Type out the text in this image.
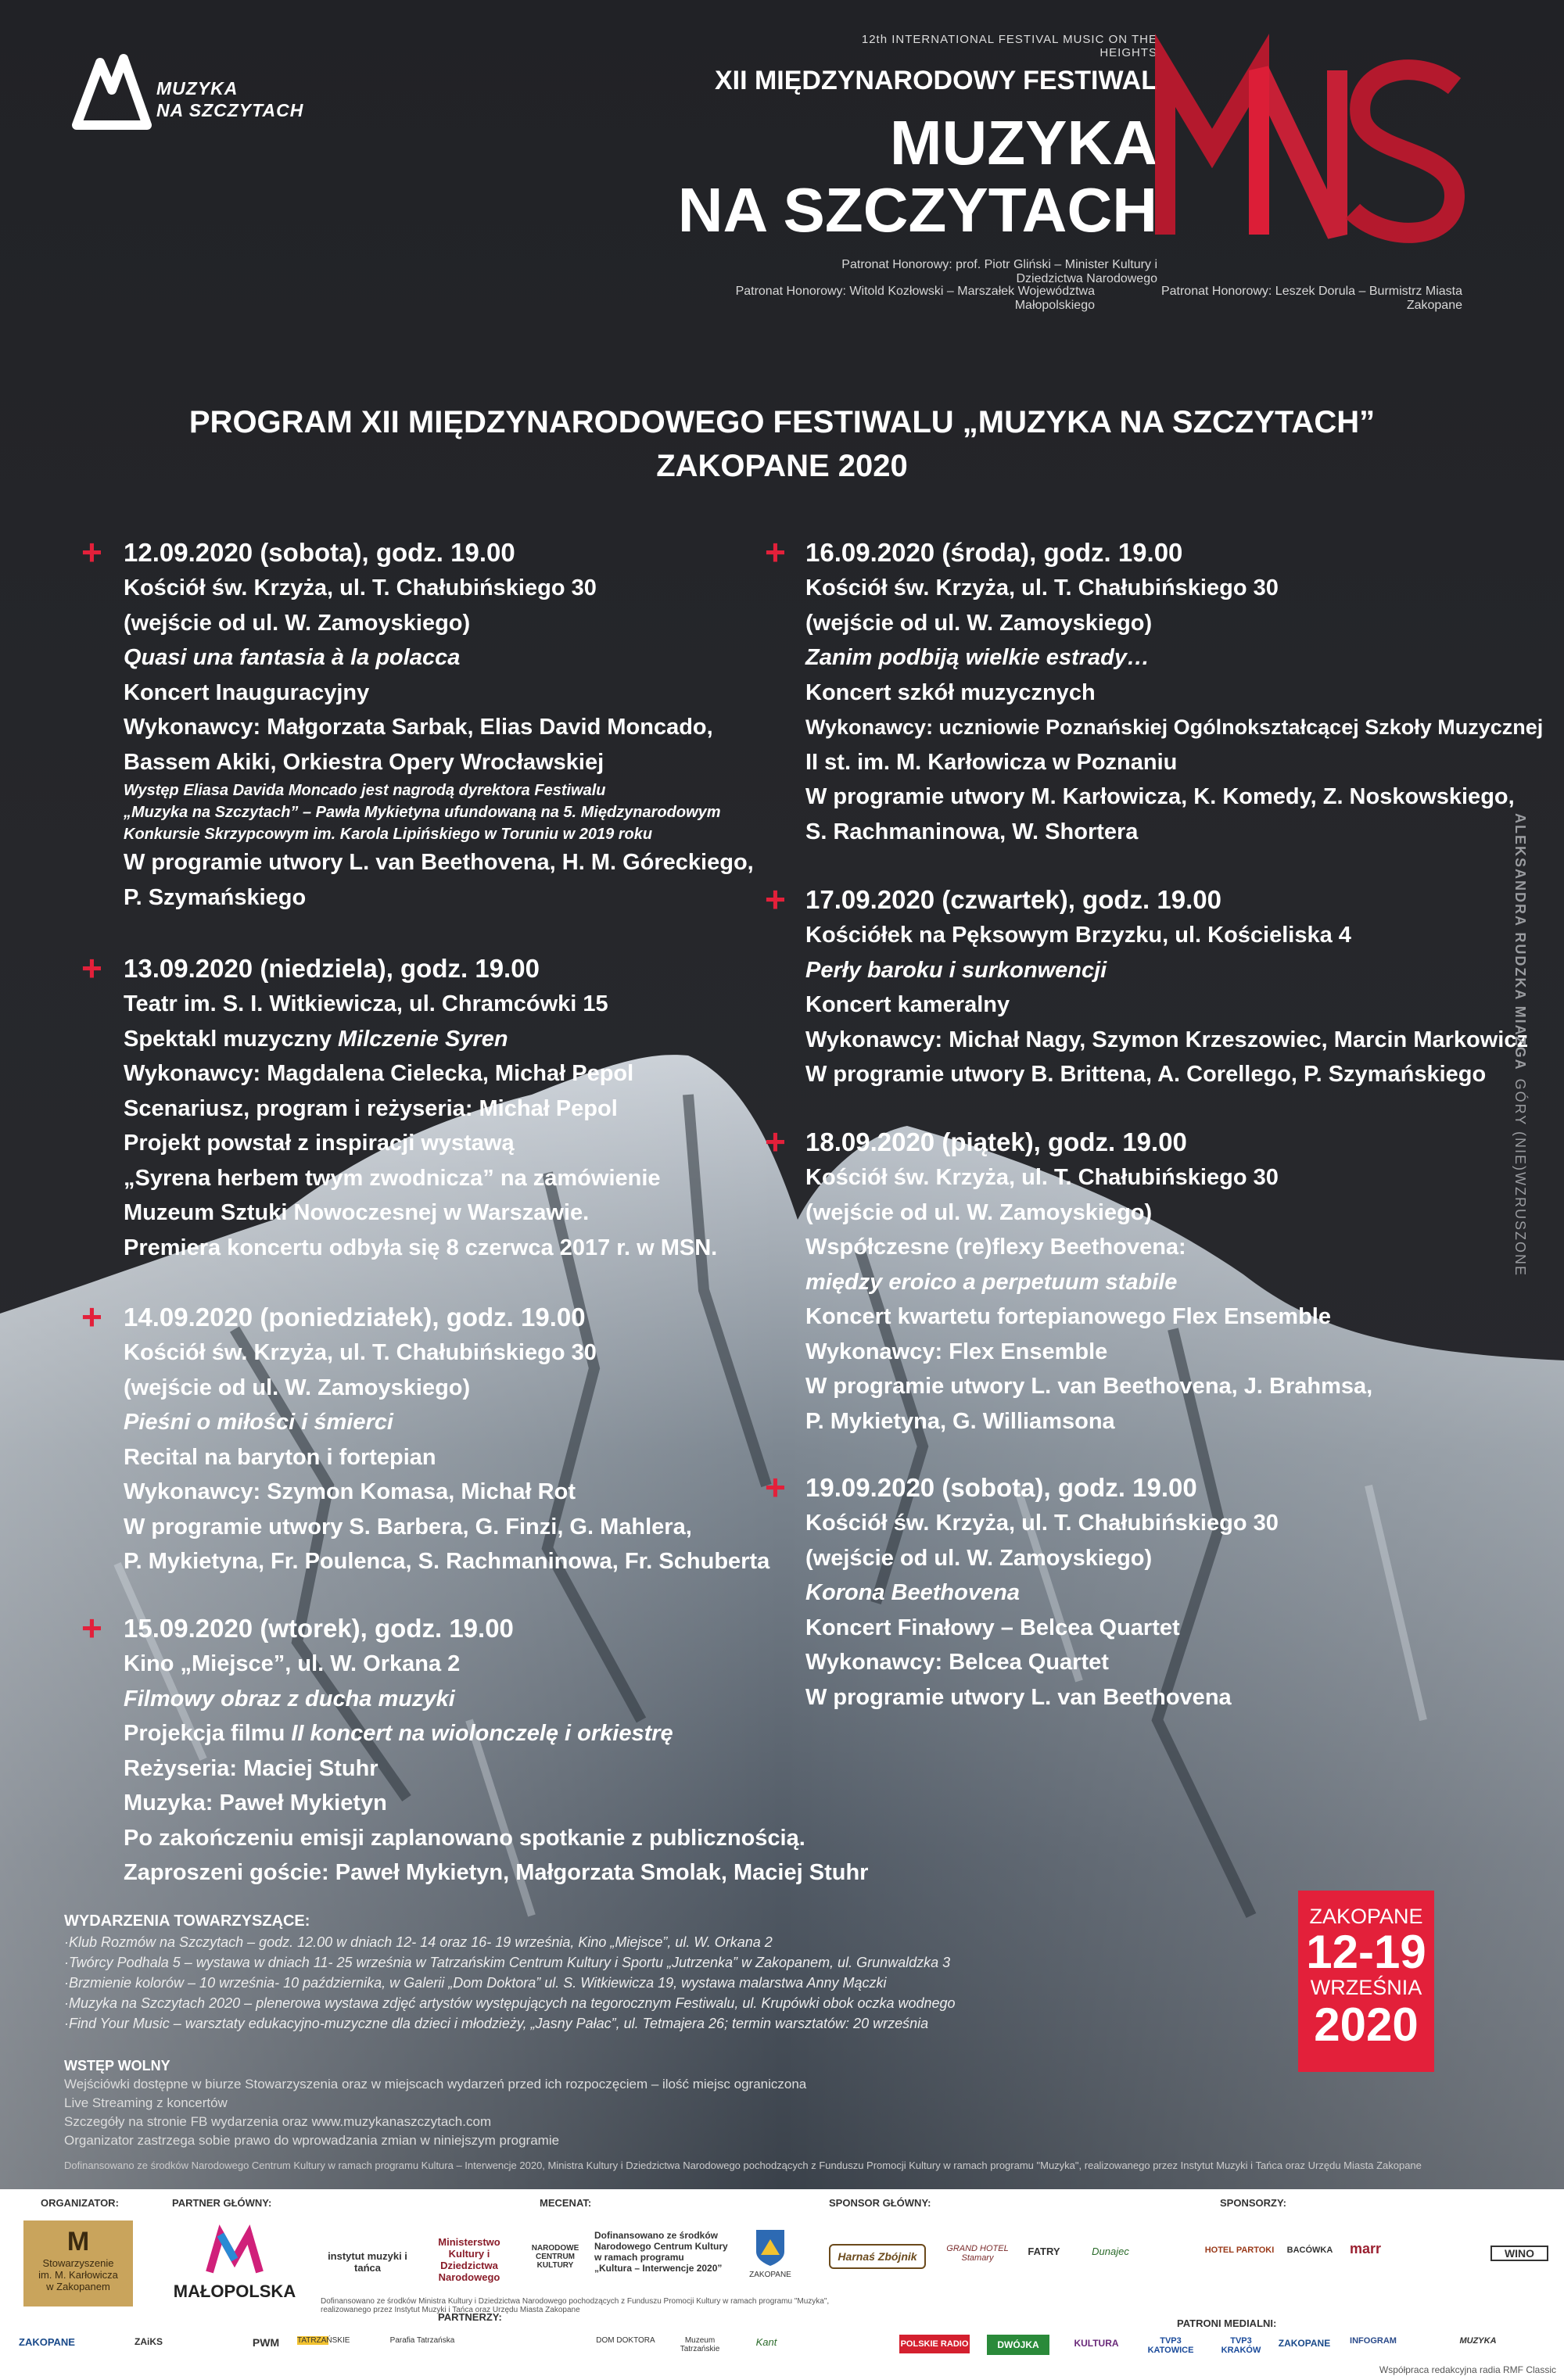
MUZYKA
NA SZCZYTACH
12th INTERNATIONAL FESTIVAL MUSIC ON THE HEIGHTS
XII MIĘDZYNARODOWY FESTIWAL
MUZYKA
NA SZCZYTACH
Patronat Honorowy: prof. Piotr Gliński – Minister Kultury i Dziedzictwa Narodowego
Patronat Honorowy: Witold Kozłowski – Marszałek Województwa Małopolskiego
Patronat Honorowy: Leszek Dorula – Burmistrz Miasta Zakopane
PROGRAM XII MIĘDZYNARODOWEGO FESTIWALU „MUZYKA NA SZCZYTACH”
ZAKOPANE 2020
+ 12.09.2020 (sobota), godz. 19.00
Kościół św. Krzyża, ul. T. Chałubińskiego 30
(wejście od ul. W. Zamoyskiego)
Quasi una fantasia à la polacca
Koncert Inauguracyjny
Wykonawcy: Małgorzata Sarbak, Elias David Moncado,
Bassem Akiki, Orkiestra Opery Wrocławskiej
Występ Eliasa Davida Moncado jest nagrodą dyrektora Festiwalu
„Muzyka na Szczytach” – Pawła Mykietyna ufundowaną na 5. Międzynarodowym
Konkursie Skrzypcowym im. Karola Lipińskiego w Toruniu w 2019 roku
W programie utwory L. van Beethovena, H. M. Góreckiego,
P. Szymańskiego
+ 13.09.2020 (niedziela), godz. 19.00
Teatr im. S. I. Witkiewicza, ul. Chramcówki 15
Spektakl muzyczny Milczenie Syren
Wykonawcy: Magdalena Cielecka, Michał Pepol
Scenariusz, program i reżyseria: Michał Pepol
Projekt powstał z inspiracji wystawą
„Syrena herbem twym zwodnicza” na zamówienie
Muzeum Sztuki Nowoczesnej w Warszawie.
Premiera koncertu odbyła się 8 czerwca 2017 r. w MSN.
+ 14.09.2020 (poniedziałek), godz. 19.00
Kościół św. Krzyża, ul. T. Chałubińskiego 30
(wejście od ul. W. Zamoyskiego)
Pieśni o miłości i śmierci
Recital na baryton i fortepian
Wykonawcy: Szymon Komasa, Michał Rot
W programie utwory S. Barbera, G. Finzi, G. Mahlera,
P. Mykietyna, Fr. Poulenca, S. Rachmaninowa, Fr. Schuberta
+ 15.09.2020 (wtorek), godz. 19.00
Kino „Miejsce”, ul. W. Orkana 2
Filmowy obraz z ducha muzyki
Projekcja filmu II koncert na wiolonczelę i orkiestrę
Reżyseria: Maciej Stuhr
Muzyka: Paweł Mykietyn
Po zakończeniu emisji zaplanowano spotkanie z publicznością.
Zaproszeni goście: Paweł Mykietyn, Małgorzata Smolak, Maciej Stuhr
+ 16.09.2020 (środa), godz. 19.00
Kościół św. Krzyża, ul. T. Chałubińskiego 30
(wejście od ul. W. Zamoyskiego)
Zanim podbiją wielkie estrady…
Koncert szkół muzycznych
Wykonawcy: uczniowie Poznańskiej Ogólnokształcącej Szkoły Muzycznej
II st. im. M. Karłowicza w Poznaniu
W programie utwory M. Karłowicza, K. Komedy, Z. Noskowskiego,
S. Rachmaninowa, W. Shortera
+ 17.09.2020 (czwartek), godz. 19.00
Kościółek na Pęksowym Brzyzku, ul. Kościeliska 4
Perły baroku i surkonwencji
Koncert kameralny
Wykonawcy: Michał Nagy, Szymon Krzeszowiec, Marcin Markowicz
W programie utwory B. Brittena, A. Corellego, P. Szymańskiego
+ 18.09.2020 (piątek), godz. 19.00
Kościół św. Krzyża, ul. T. Chałubińskiego 30
(wejście od ul. W. Zamoyskiego)
Współczesne (re)flexy Beethovena:
między eroico a perpetuum stabile
Koncert kwartetu fortepianowego Flex Ensemble
Wykonawcy: Flex Ensemble
W programie utwory L. van Beethovena, J. Brahmsa,
P. Mykietyna, G. Williamsona
+ 19.09.2020 (sobota), godz. 19.00
Kościół św. Krzyża, ul. T. Chałubińskiego 30
(wejście od ul. W. Zamoyskiego)
Korona Beethovena
Koncert Finałowy – Belcea Quartet
Wykonawcy: Belcea Quartet
W programie utwory L. van Beethovena
ALEKSANDRA RUDZKA MIAZGAGÓRY (NIE)WZRUSZONE
WYDARZENIA TOWARZYSZĄCE:
·Klub Rozmów na Szczytach – godz. 12.00 w dniach 12- 14 oraz 16- 19 września, Kino „Miejsce”, ul. W. Orkana 2
·Twórcy Podhala 5 – wystawa w dniach 11- 25 września w Tatrzańskim Centrum Kultury i Sportu „Jutrzenka” w Zakopanem, ul. Grunwaldzka 3
·Brzmienie kolorów – 10 września- 10 października, w Galerii „Dom Doktora” ul. S. Witkiewicza 19, wystawa malarstwa Anny Mączki
·Muzyka na Szczytach 2020 – plenerowa wystawa zdjęć artystów występujących na tegorocznym Festiwalu, ul. Krupówki obok oczka wodnego
·Find Your Music – warsztaty edukacyjno-muzyczne dla dzieci i młodzieży, „Jasny Pałac”, ul. Tetmajera 26; termin warsztatów: 20 września
WSTĘP WOLNY
Wejściówki dostępne w biurze Stowarzyszenia oraz w miejscach wydarzeń przed ich rozpoczęciem – ilość miejsc ograniczona
Live Streaming z koncertów
Szczegóły na stronie FB wydarzenia oraz www.muzykanaszczytach.com
Organizator zastrzega sobie prawo do wprowadzania zmian w niniejszym programie
ZAKOPANE
12-19
WRZEŚNIA
2020
Dofinansowano ze środków Narodowego Centrum Kultury w ramach programu Kultura – Interwencje 2020, Ministra Kultury i Dziedzictwa Narodowego pochodzących z Funduszu Promocji Kultury w ramach programu "Muzyka", realizowanego przez Instytut Muzyki i Tańca oraz Urzędu Miasta Zakopane
ORGANIZATOR:
M
Stowarzyszenie
im. M. Karłowicza
w Zakopanem
PARTNER GŁÓWNY:
MAŁOPOLSKA
MECENAT:
instytut muzyki i tańca
Ministerstwo Kultury i Dziedzictwa Narodowego
NARODOWE CENTRUM KULTURY
Dofinansowano ze środków
Narodowego Centrum Kultury
w ramach programu
„Kultura – Interwencje 2020”
Dofinansowano ze środków Ministra Kultury i Dziedzictwa Narodowego pochodzących z Funduszu Promocji Kultury w ramach programu "Muzyka", realizowanego przez Instytut Muzyki i Tańca oraz Urzędu Miasta Zakopane
SPONSOR GŁÓWNY:
ZAKOPANE
Harnaś Zbójnik
SPONSORZY:
GRAND HOTEL Stamary
FATRY	Dunajec	HOTEL PARTOKI	BACÓWKA	marr	WINO
PARTNERZY:
ZAKOPANE	PWM	TATRZAŃSKIE	Parafia Tatrzańska	DOM DOKTORA	Muzeum Tatrzańskie
Kant
ZAiKS
PATRONI MEDIALNI:
POLSKIE RADIO	DWÓJKA	KULTURA	TVP3 KATOWICE
TVP3 KRAKÓW
ZAKOPANE	INFOGRAM	MUZYKA
Współpraca redakcyjna radia RMF Classic
